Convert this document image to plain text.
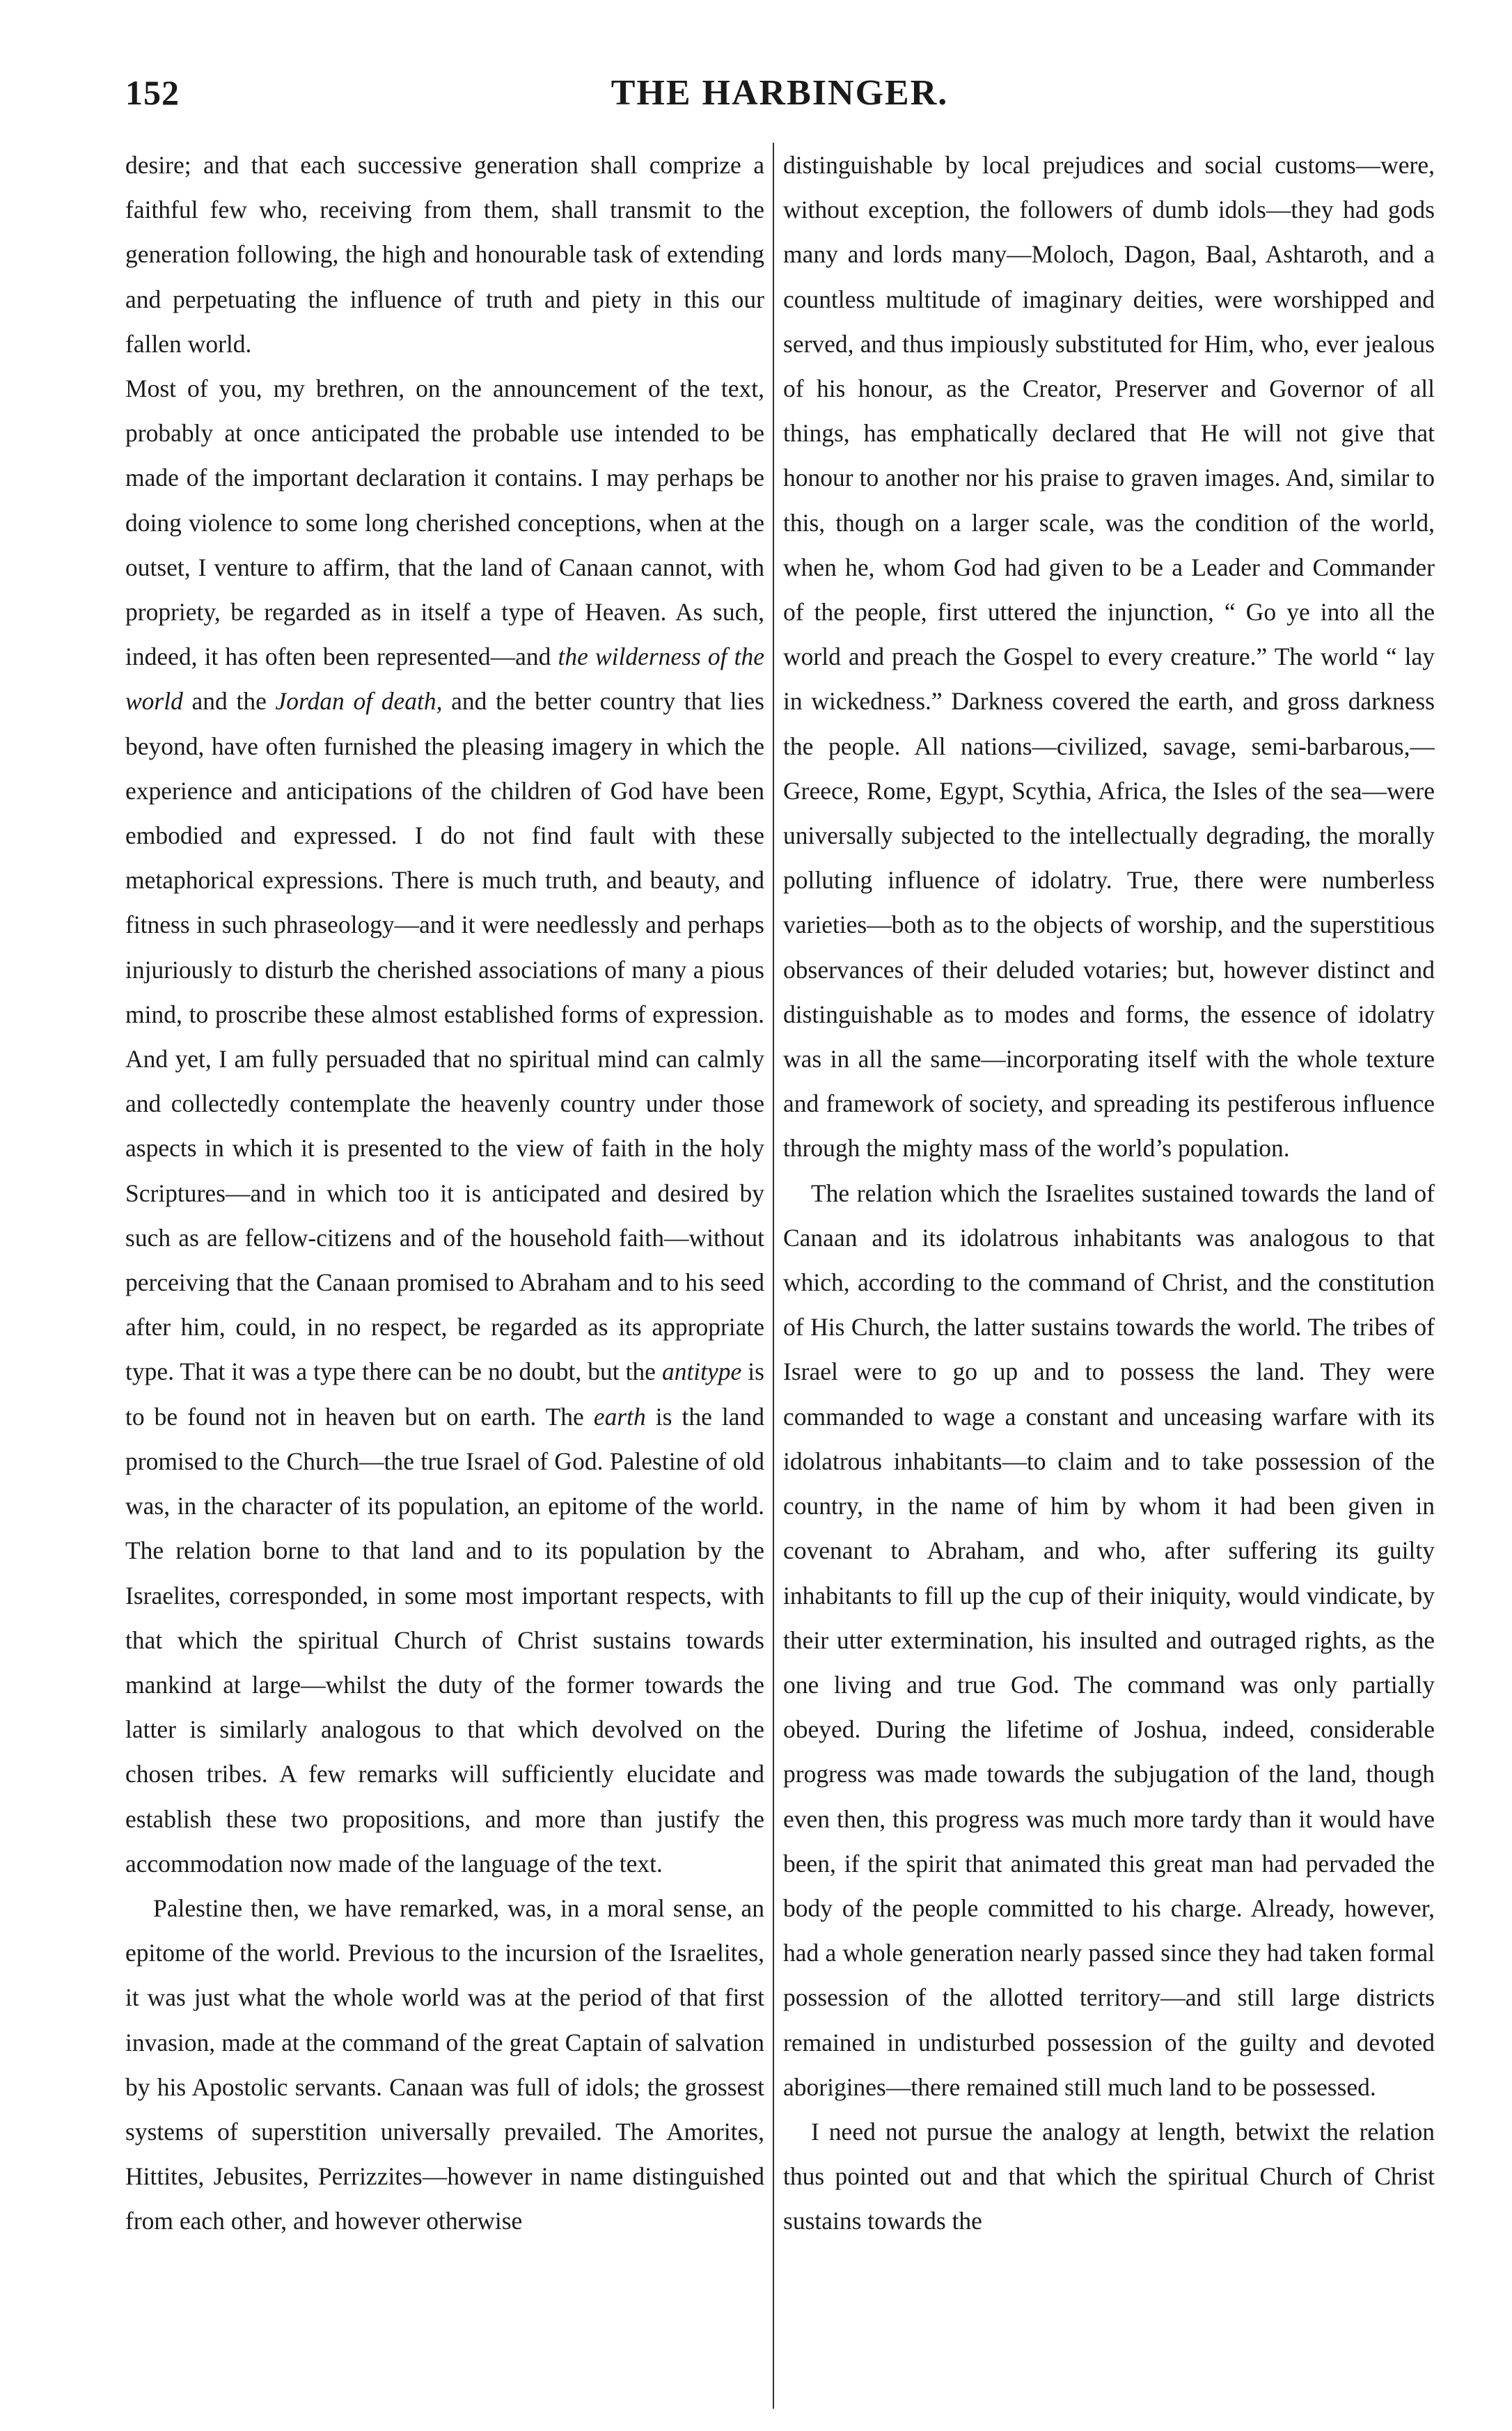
152	THE HARBINGER.

desire; and that each successive generation shall comprize a faithful few who, receiving from them, shall transmit to the generation following, the high and honourable task of extending and perpetuating the influence of truth and piety in this our fallen world.

Most of you, my brethren, on the announcement of the text, probably at once anticipated the probable use intended to be made of the important declaration it contains. I may perhaps be doing violence to some long cherished conceptions, when at the outset, I venture to affirm, that the land of Canaan cannot, with propriety, be regarded as in itself a type of Heaven. As such, indeed, it has often been represented—and the wilderness of the world and the Jordan of death, and the better country that lies beyond, have often furnished the pleasing imagery in which the experience and anticipations of the children of God have been embodied and expressed. I do not find fault with these metaphorical expressions. There is much truth, and beauty, and fitness in such phraseology—and it were needlessly and perhaps injuriously to disturb the cherished associations of many a pious mind, to proscribe these almost established forms of expression. And yet, I am fully persuaded that no spiritual mind can calmly and collectedly contemplate the heavenly country under those aspects in which it is presented to the view of faith in the holy Scriptures—and in which too it is anticipated and desired by such as are fellow-citizens and of the household faith—without perceiving that the Canaan promised to Abraham and to his seed after him, could, in no respect, be regarded as its appropriate type. That it was a type there can be no doubt, but the antitype is to be found not in heaven but on earth. The earth is the land promised to the Church—the true Israel of God. Palestine of old was, in the character of its population, an epitome of the world. The relation borne to that land and to its population by the Israelites, corresponded, in some most important respects, with that which the spiritual Church of Christ sustains towards mankind at large—whilst the duty of the former towards the latter is similarly analogous to that which devolved on the chosen tribes. A few remarks will sufficiently elucidate and establish these two propositions, and more than justify the accommodation now made of the language of the text.

Palestine then, we have remarked, was, in a moral sense, an epitome of the world. Previous to the incursion of the Israelites, it was just what the whole world was at the period of that first invasion, made at the command of the great Captain of salvation by his Apostolic servants. Canaan was full of idols; the grossest systems of superstition universally prevailed. The Amorites, Hittites, Jebusites, Perrizzites—however in name distinguished from each other, and however otherwise

distinguishable by local prejudices and social customs—were, without exception, the followers of dumb idols—they had gods many and lords many—Moloch, Dagon, Baal, Ashtaroth, and a countless multitude of imaginary deities, were worshipped and served, and thus impiously substituted for Him, who, ever jealous of his honour, as the Creator, Preserver and Governor of all things, has emphatically declared that He will not give that honour to another nor his praise to graven images. And, similar to this, though on a larger scale, was the condition of the world, when he, whom God had given to be a Leader and Commander of the people, first uttered the injunction, “ Go ye into all the world and preach the Gospel to every creature.” The world “ lay in wickedness.” Darkness covered the earth, and gross darkness the people. All nations—civilized, savage, semi-barbarous,—Greece, Rome, Egypt, Scythia, Africa, the Isles of the sea—were universally subjected to the intellectually degrading, the morally polluting influence of idolatry. True, there were numberless varieties—both as to the objects of worship, and the superstitious observances of their deluded votaries; but, however distinct and distinguishable as to modes and forms, the essence of idolatry was in all the same—incorporating itself with the whole texture and framework of society, and spreading its pestiferous influence through the mighty mass of the world’s population.

The relation which the Israelites sustained towards the land of Canaan and its idolatrous inhabitants was analogous to that which, according to the command of Christ, and the constitution of His Church, the latter sustains towards the world. The tribes of Israel were to go up and to possess the land. They were commanded to wage a constant and unceasing warfare with its idolatrous inhabitants—to claim and to take possession of the country, in the name of him by whom it had been given in covenant to Abraham, and who, after suffering its guilty inhabitants to fill up the cup of their iniquity, would vindicate, by their utter extermination, his insulted and outraged rights, as the one living and true God. The command was only partially obeyed. During the lifetime of Joshua, indeed, considerable progress was made towards the subjugation of the land, though even then, this progress was much more tardy than it would have been, if the spirit that animated this great man had pervaded the body of the people committed to his charge. Already, however, had a whole generation nearly passed since they had taken formal possession of the allotted territory—and still large districts remained in undisturbed possession of the guilty and devoted aborigines—there remained still much land to be possessed.

I need not pursue the analogy at length, betwixt the relation thus pointed out and that which the spiritual Church of Christ sustains towards the
